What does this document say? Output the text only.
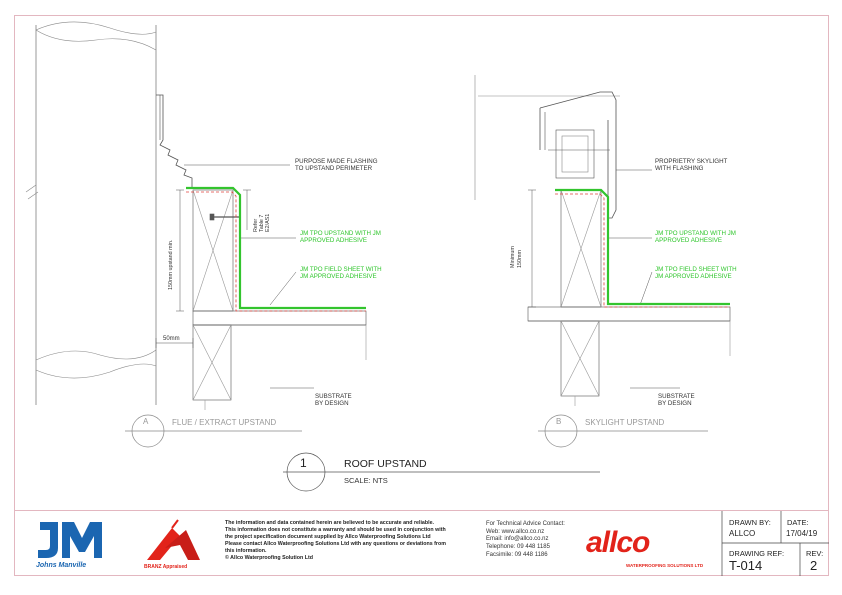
PURPOSE MADE FLASHING
TO UPSTAND PERIMETER
JM TPO UPSTAND WITH JM
APPROVED ADHESIVE
JM TPO FIELD SHEET WITH
JM APPROVED ADHESIVE
SUBSTRATE
BY DESIGN
150mm upstand min.
50mm
Refer Table 7 E2/AS1
A	FLUE / EXTRACT UPSTAND
PROPRIETRY SKYLIGHT
WITH FLASHING
JM TPO UPSTAND WITH JM
APPROVED ADHESIVE
JM TPO FIELD SHEET WITH
JM APPROVED ADHESIVE
SUBSTRATE
BY DESIGN
Minimum 150mm
B	SKYLIGHT UPSTAND
1	ROOF UPSTAND
SCALE: NTS
Johns Manville	BRANZ Appraised
The information and data contained herein are believed to be accurate and reliable.
This information does not constitute a warranty and should be used in conjunction with
the project specification document supplied by Allco Waterproofing Solutions Ltd
Please contact Allco Waterproofing Solutions Ltd with any questions or deviations from
this information.
© Allco Waterproofing Solution Ltd
For Technical Advice Contact:
Web: www.allco.co.nz
Email: info@allco.co.nz
Telephone: 09 448 1185
Facsimile: 09 448 1186	allco
WATERPROOFING SOLUTIONS LTD
DRAWN BY:
ALLCO
DATE:
17/04/19
DRAWING REF:
T-014
REV:
2
